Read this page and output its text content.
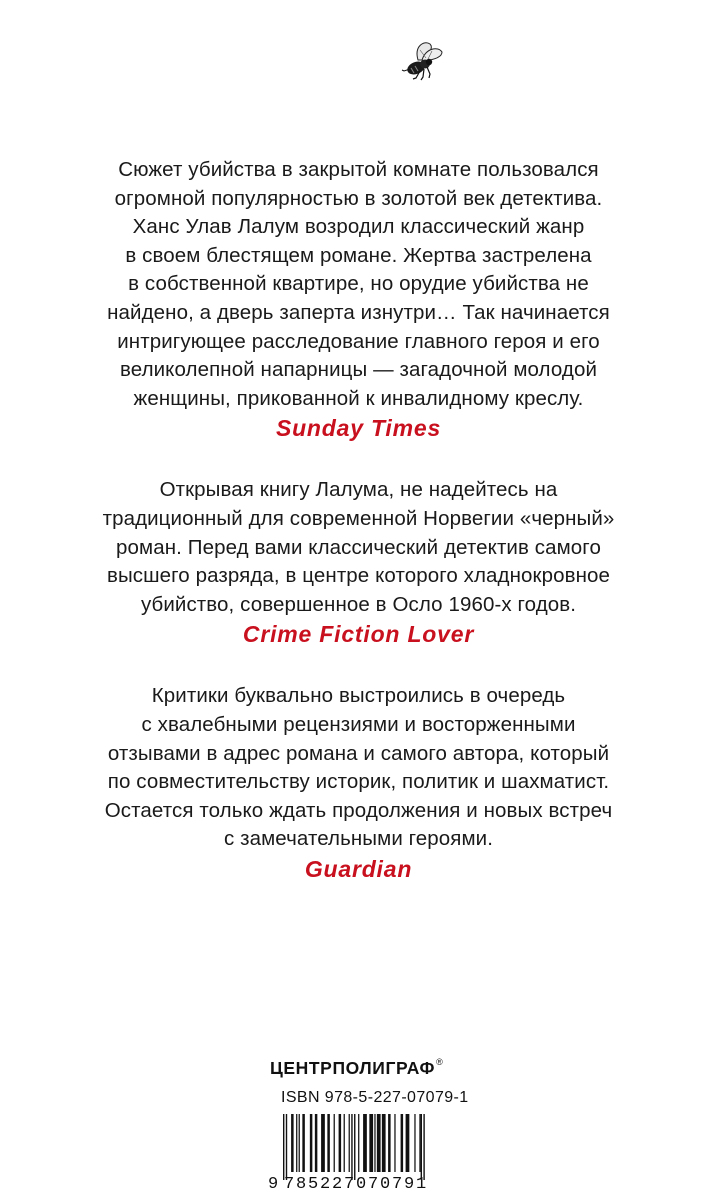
Сюжет убийства в закрытой комнате пользовался

огромной популярностью в золотой век детектива.

Ханс Улав Лалум возродил классический жанр

в своем блестящем романе. Жертва застрелена

в собственной квартире, но орудие убийства не

найдено, а дверь заперта изнутри… Так начинается

интригующее расследование главного героя и его

великолепной напарницы — загадочной молодой

женщины, прикованной к инвалидному креслу.

Sunday Times

Открывая книгу Лалума, не надейтесь на

традиционный для современной Норвегии «черный»

роман. Перед вами классический детектив самого

высшего разряда, в центре которого хладнокровное

убийство, совершенное в Осло 1960-х годов.

Crime Fiction Lover

Критики буквально выстроились в очередь

с хвалебными рецензиями и восторженными

отзывами в адрес романа и самого автора, который

по совместительству историк, политик и шахматист.

Остается только ждать продолжения и новых встреч

с замечательными героями.

Guardian
ЦЕНТРПОЛИГРАФ®
ISBN 978-5-227-07079-1
9 785227070791
